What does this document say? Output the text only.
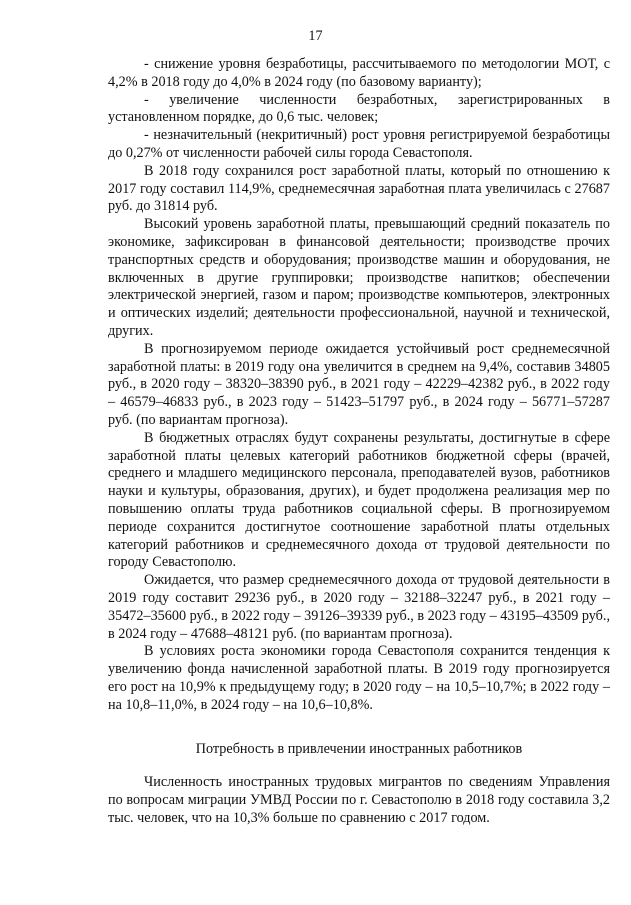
17

- снижение уровня безработицы, рассчитываемого по методологии МОТ, с 4,2% в 2018 году до 4,0% в 2024 году (по базовому варианту);

- увеличение численности безработных, зарегистрированных в установленном порядке, до 0,6 тыс. человек;

- незначительный (некритичный) рост уровня регистрируемой безработицы до 0,27% от численности рабочей силы города Севастополя.

В 2018 году сохранился рост заработной платы, который по отношению к 2017 году составил 114,9%, среднемесячная заработная плата увеличилась с 27687 руб. до 31814 руб.

Высокий уровень заработной платы, превышающий средний показатель по экономике, зафиксирован в финансовой деятельности; производстве прочих транспортных средств и оборудования; производстве машин и оборудования, не включенных в другие группировки; производстве напитков; обеспечении электрической энергией, газом и паром; производстве компьютеров, электронных и оптических изделий; деятельности профессиональной, научной и технической, других.

В прогнозируемом периоде ожидается устойчивый рост среднемесячной заработной платы: в 2019 году она увеличится в среднем на 9,4%, составив 34805 руб., в 2020 году – 38320–38390 руб., в 2021 году – 42229–42382 руб., в 2022 году – 46579–46833 руб., в 2023 году – 51423–51797 руб., в 2024 году – 56771–57287 руб. (по вариантам прогноза).

В бюджетных отраслях будут сохранены результаты, достигнутые в сфере заработной платы целевых категорий работников бюджетной сферы (врачей, среднего и младшего медицинского персонала, преподавателей вузов, работников науки и культуры, образования, других), и будет продолжена реализация мер по повышению оплаты труда работников социальной сферы. В прогнозируемом периоде сохранится достигнутое соотношение заработной платы отдельных категорий работников и среднемесячного дохода от трудовой деятельности по городу Севастополю.

Ожидается, что размер среднемесячного дохода от трудовой деятельности в 2019 году составит 29236 руб., в 2020 году – 32188–32247 руб., в 2021 году – 35472–35600 руб., в 2022 году – 39126–39339 руб., в 2023 году – 43195–43509 руб., в 2024 году – 47688–48121 руб. (по вариантам прогноза).

В условиях роста экономики города Севастополя сохранится тенденция к увеличению фонда начисленной заработной платы. В 2019 году прогнозируется его рост на 10,9% к предыдущему году; в 2020 году – на 10,5–10,7%; в 2022 году – на 10,8–11,0%, в 2024 году – на 10,6–10,8%.

Потребность в привлечении иностранных работников

Численность иностранных трудовых мигрантов по сведениям Управления по вопросам миграции УМВД России по г. Севастополю в 2018 году составила 3,2 тыс. человек, что на 10,3% больше по сравнению с 2017 годом.
